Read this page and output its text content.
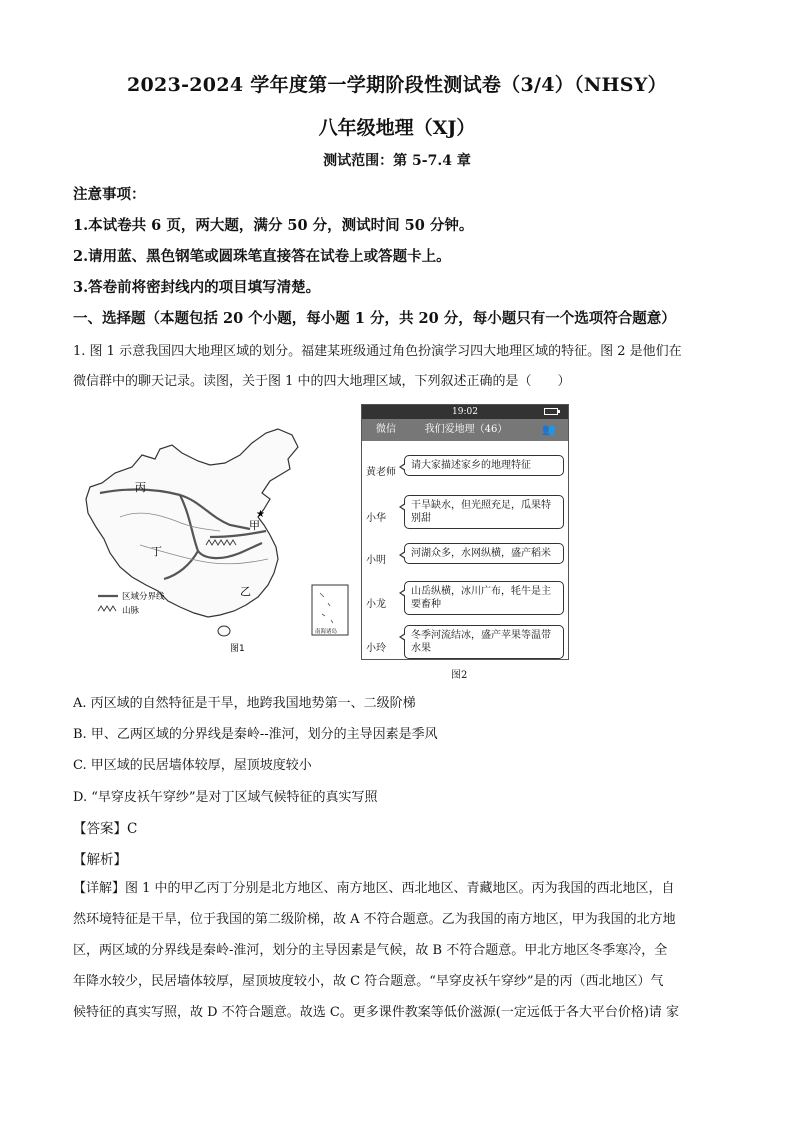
2023-2024 学年度第一学期阶段性测试卷（3/4）（NHSY）
八年级地理（XJ）
测试范围：第 5-7.4 章
注意事项：
1.本试卷共 6 页，两大题，满分 50 分，测试时间 50 分钟。
2.请用蓝、黑色钢笔或圆珠笔直接答在试卷上或答题卡上。
3.答卷前将密封线内的项目填写清楚。
一、选择题（本题包括 20 个小题，每小题 1 分，共 20 分，每小题只有一个选项符合题意）
1. 图 1 示意我国四大地理区域的划分。福建某班级通过角色扮演学习四大地理区域的特征。图 2 是他们在
微信群中的聊天记录。读图，关于图 1 中的四大地理区域，下列叙述正确的是（　　）
★
丙
甲
丁
乙
区域分界线
山脉
南海诸岛
图1
19:02
微信	我们爱地理（46）	👥
黄老师
请大家描述家乡的地理特征
小华
干旱缺水，但光照充足，瓜果特别甜
小明
河湖众多，水网纵横，盛产稻米
小龙
山岳纵横，冰川广布，牦牛是主要畜种
小玲
冬季河流结冰，盛产苹果等温带水果
图2
A. 丙区域的自然特征是干旱，地跨我国地势第一、二级阶梯
B. 甲、乙两区域的分界线是秦岭--淮河，划分的主导因素是季风
C. 甲区域的民居墙体较厚，屋顶坡度较小
D. “早穿皮袄午穿纱”是对丁区域气候特征的真实写照
【答案】C
【解析】
【详解】图 1 中的甲乙丙丁分别是北方地区、南方地区、西北地区、青藏地区。丙为我国的西北地区，自
然环境特征是干旱，位于我国的第二级阶梯，故 A 不符合题意。乙为我国的南方地区，甲为我国的北方地
区，两区域的分界线是秦岭-淮河，划分的主导因素是气候，故 B 不符合题意。甲北方地区冬季寒冷，全
年降水较少，民居墙体较厚，屋顶坡度较小，故 C 符合题意。“早穿皮袄午穿纱”是的丙（西北地区）气
候特征的真实写照，故 D 不符合题意。故选 C。更多课件教案等低价滋源(一定远低于各大平台价格)请 家
